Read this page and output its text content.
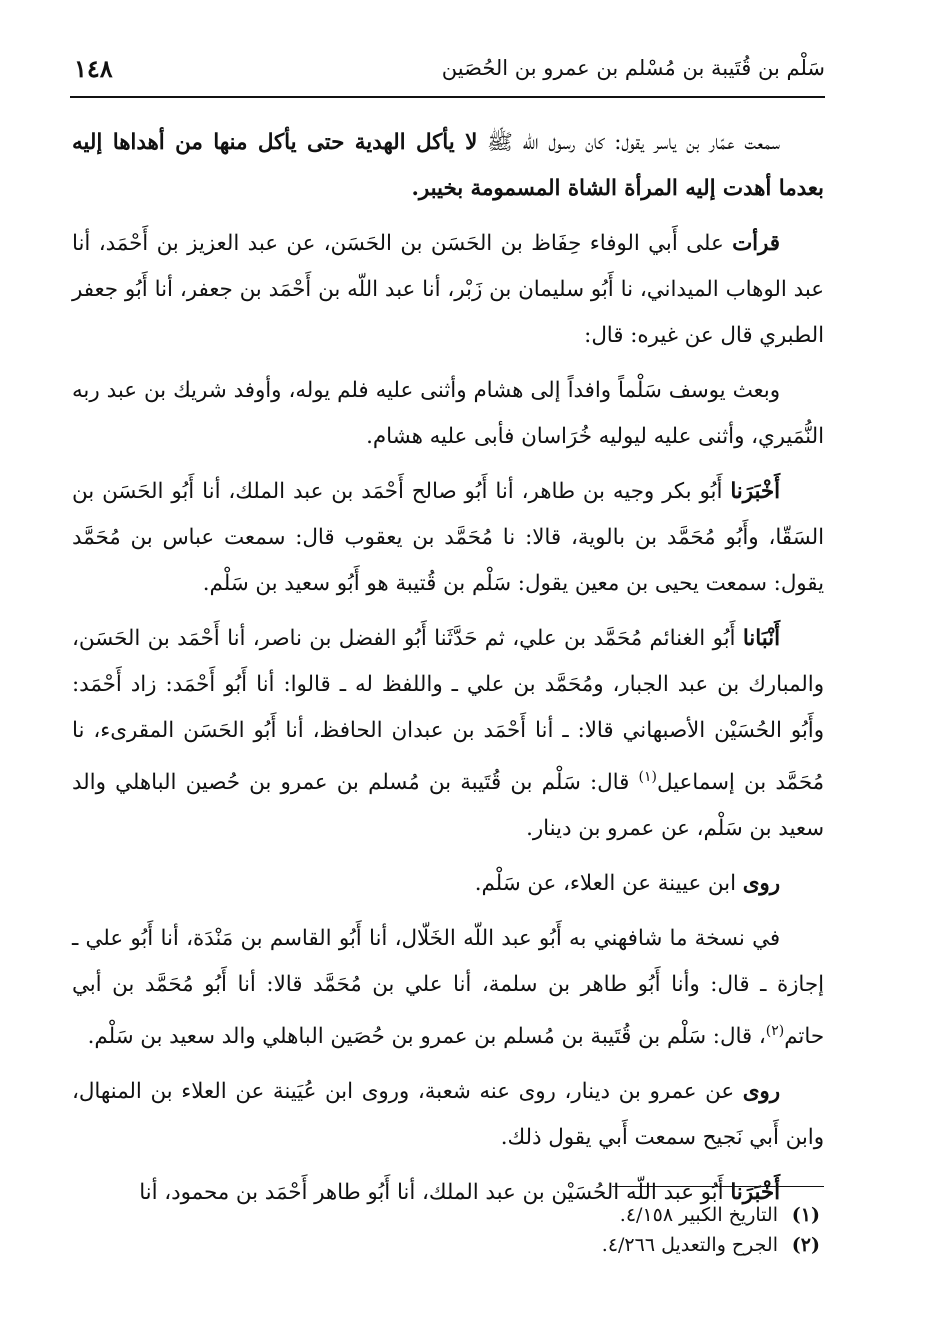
سَلْم بن قُتَيبة بن مُسْلم بن عمرو بن الحُصَين
١٤٨

سمعت عمّار بن ياسر يقول: كان رسول الله ﷺ لا يأكل الهدية حتى يأكل منها من أهداها إليه بعدما أهدت إليه المرأة الشاة المسمومة بخيبر.

قرأت على أَبي الوفاء حِفَاظ بن الحَسَن بن الحَسَن، عن عبد العزيز بن أَحْمَد، أنا عبد الوهاب الميداني، نا أَبُو سليمان بن زَبْر، أنا عبد اللّه بن أَحْمَد بن جعفر، أنا أَبُو جعفر الطبري قال عن غيره: قال:

وبعث يوسف سَلْماً وافداً إلى هشام وأثنى عليه فلم يوله، وأوفد شريك بن عبد ربه النُّمَيري، وأثنى عليه ليوليه خُرَاسان فأبى عليه هشام.

أَخْبَرَنا أَبُو بكر وجيه بن طاهر، أنا أَبُو صالح أَحْمَد بن عبد الملك، أنا أَبُو الحَسَن بن السَقّا، وأَبُو مُحَمَّد بن بالوية، قالا: نا مُحَمَّد بن يعقوب قال: سمعت عباس بن مُحَمَّد يقول: سمعت يحيى بن معين يقول: سَلْم بن قُتيبة هو أَبُو سعيد بن سَلْم.

أَنْبَانا أَبُو الغنائم مُحَمَّد بن علي، ثم حَدَّثَنا أَبُو الفضل بن ناصر، أنا أَحْمَد بن الحَسَن، والمبارك بن عبد الجبار، ومُحَمَّد بن علي ـ واللفظ له ـ قالوا: أنا أَبُو أَحْمَد: زاد أَحْمَد: وأَبُو الحُسَيْن الأصبهاني قالا: ـ أنا أَحْمَد بن عبدان الحافظ، أنا أَبُو الحَسَن المقرىء، نا مُحَمَّد بن إسماعيل$^{(١)}$ قال: سَلْم بن قُتَيبة بن مُسلم بن عمرو بن حُصين الباهلي والد سعيد بن سَلْم، عن عمرو بن دينار.

روى ابن عيينة عن العلاء، عن سَلْم.

في نسخة ما شافهني به أَبُو عبد اللّه الخَلّال، أنا أَبُو القاسم بن مَنْدَة، أنا أَبُو علي ـ إجازة ـ قال: وأنا أَبُو طاهر بن سلمة، أنا علي بن مُحَمَّد قالا: أنا أَبُو مُحَمَّد بن أبي حاتم$^{(٢)}$، قال: سَلْم بن قُتَيبة بن مُسلم بن عمرو بن حُصَين الباهلي والد سعيد بن سَلْم.

روى عن عمرو بن دينار، روى عنه شعبة، وروى ابن عُيَينة عن العلاء بن المنهال، وابن أَبي نَجيح سمعت أَبي يقول ذلك.

أَخْبَرَنا أَبُو عبد اللّه الحُسَيْن بن عبد الملك، أنا أَبُو طاهر أَحْمَد بن محمود، أنا

(١)التاريخ الكبير ٤/١٥٨.

(٢)الجرح والتعديل ٤/٢٦٦.
